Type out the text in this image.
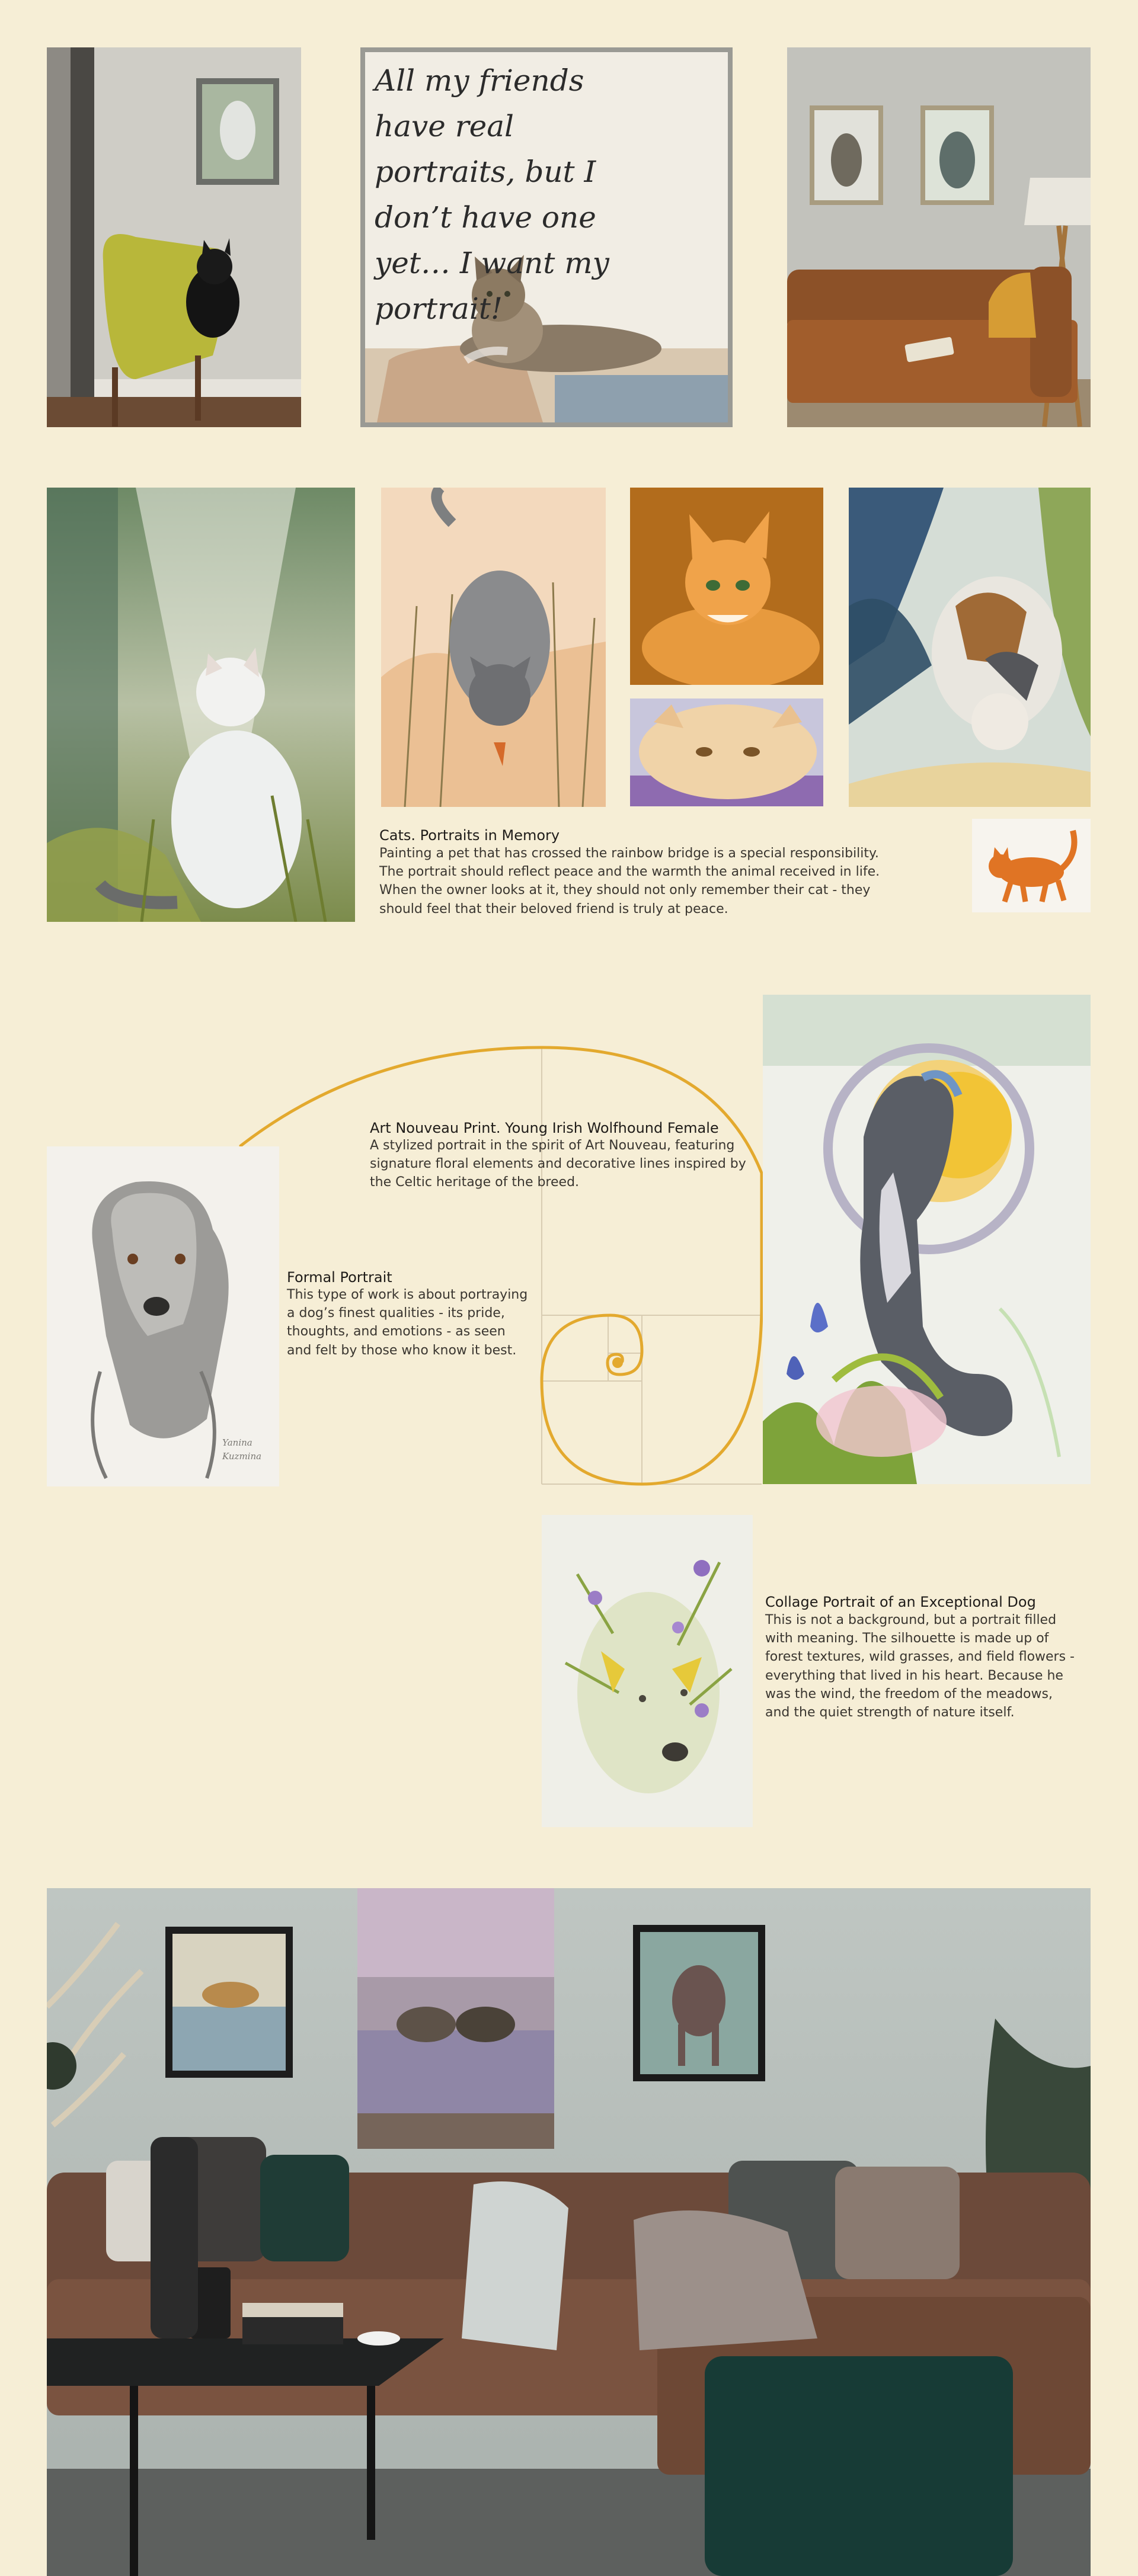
All my friends have real portraits, but I don’t have one yet… I want my portrait!
Cats. Portraits in Memory
Painting a pet that has crossed the rainbow bridge is a special responsibility. The portrait should reflect peace and the warmth the animal received in life. When the owner looks at it, they should not only remember their cat - they should feel that their beloved friend is truly at peace.
Art Nouveau Print. Young Irish Wolfhound Female
A stylized portrait in the spirit of Art Nouveau, featuring signature floral elements and decorative lines inspired by the Celtic heritage of the breed.
Yanina Kuzmina
Formal Portrait
This type of work is about portraying a dog’s finest qualities - its pride, thoughts, and emotions - as seen and felt by those who know it best.
Collage Portrait of an Exceptional Dog
This is not a background, but a portrait filled with meaning. The silhouette is made up of forest textures, wild grasses, and field flowers - everything that lived in his heart. Because he was the wind, the freedom of the meadows, and the quiet strength of nature itself.
